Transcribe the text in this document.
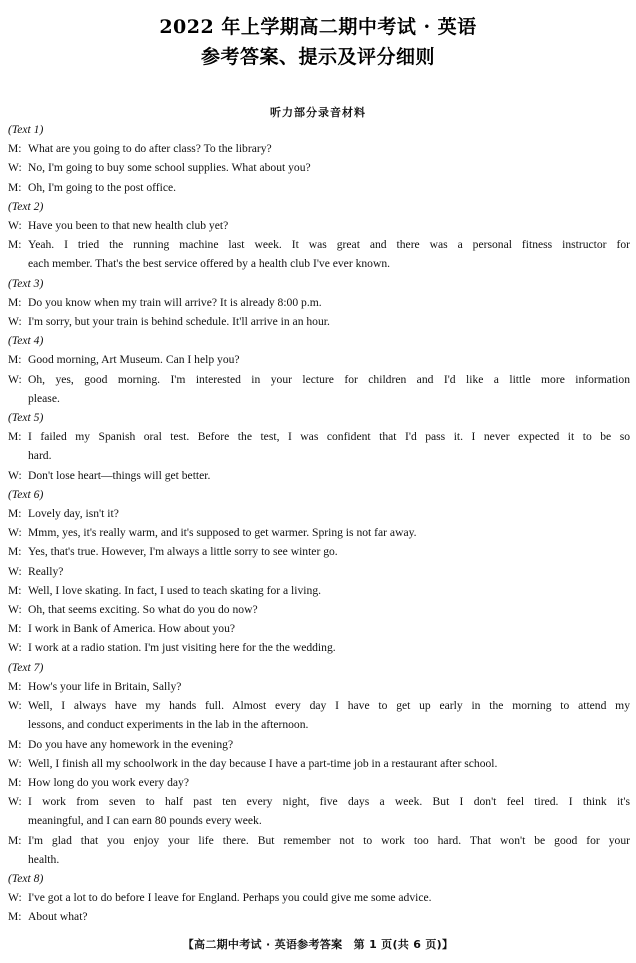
2022 年上学期高二期中考试 · 英语
参考答案、提示及评分细则
听力部分录音材料
(Text 1)
M: What are you going to do after class? To the library?
W: No, I'm going to buy some school supplies. What about you?
M: Oh, I'm going to the post office.
(Text 2)
W: Have you been to that new health club yet?
M: Yeah. I tried the running machine last week. It was great and there was a personal fitness instructor for
each member. That's the best service offered by a health club I've ever known.
(Text 3)
M: Do you know when my train will arrive? It is already 8:00 p.m.
W: I'm sorry, but your train is behind schedule. It'll arrive in an hour.
(Text 4)
M: Good morning, Art Museum. Can I help you?
W: Oh, yes, good morning. I'm interested in your lecture for children and I'd like a little more information
please.
(Text 5)
M: I failed my Spanish oral test. Before the test, I was confident that I'd pass it. I never expected it to be so
hard.
W: Don't lose heart—things will get better.
(Text 6)
M: Lovely day, isn't it?
W: Mmm, yes, it's really warm, and it's supposed to get warmer. Spring is not far away.
M: Yes, that's true. However, I'm always a little sorry to see winter go.
W: Really?
M: Well, I love skating. In fact, I used to teach skating for a living.
W: Oh, that seems exciting. So what do you do now?
M: I work in Bank of America. How about you?
W: I work at a radio station. I'm just visiting here for the the wedding.
(Text 7)
M: How's your life in Britain, Sally?
W: Well, I always have my hands full. Almost every day I have to get up early in the morning to attend my
lessons, and conduct experiments in the lab in the afternoon.
M: Do you have any homework in the evening?
W: Well, I finish all my schoolwork in the day because I have a part-time job in a restaurant after school.
M: How long do you work every day?
W: I work from seven to half past ten every night, five days a week. But I don't feel tired. I think it's
meaningful, and I can earn 80 pounds every week.
M: I'm glad that you enjoy your life there. But remember not to work too hard. That won't be good for your
health.
(Text 8)
W: I've got a lot to do before I leave for England. Perhaps you could give me some advice.
M: About what?
【高二期中考试 · 英语参考答案　第 1 页(共 6 页)】
